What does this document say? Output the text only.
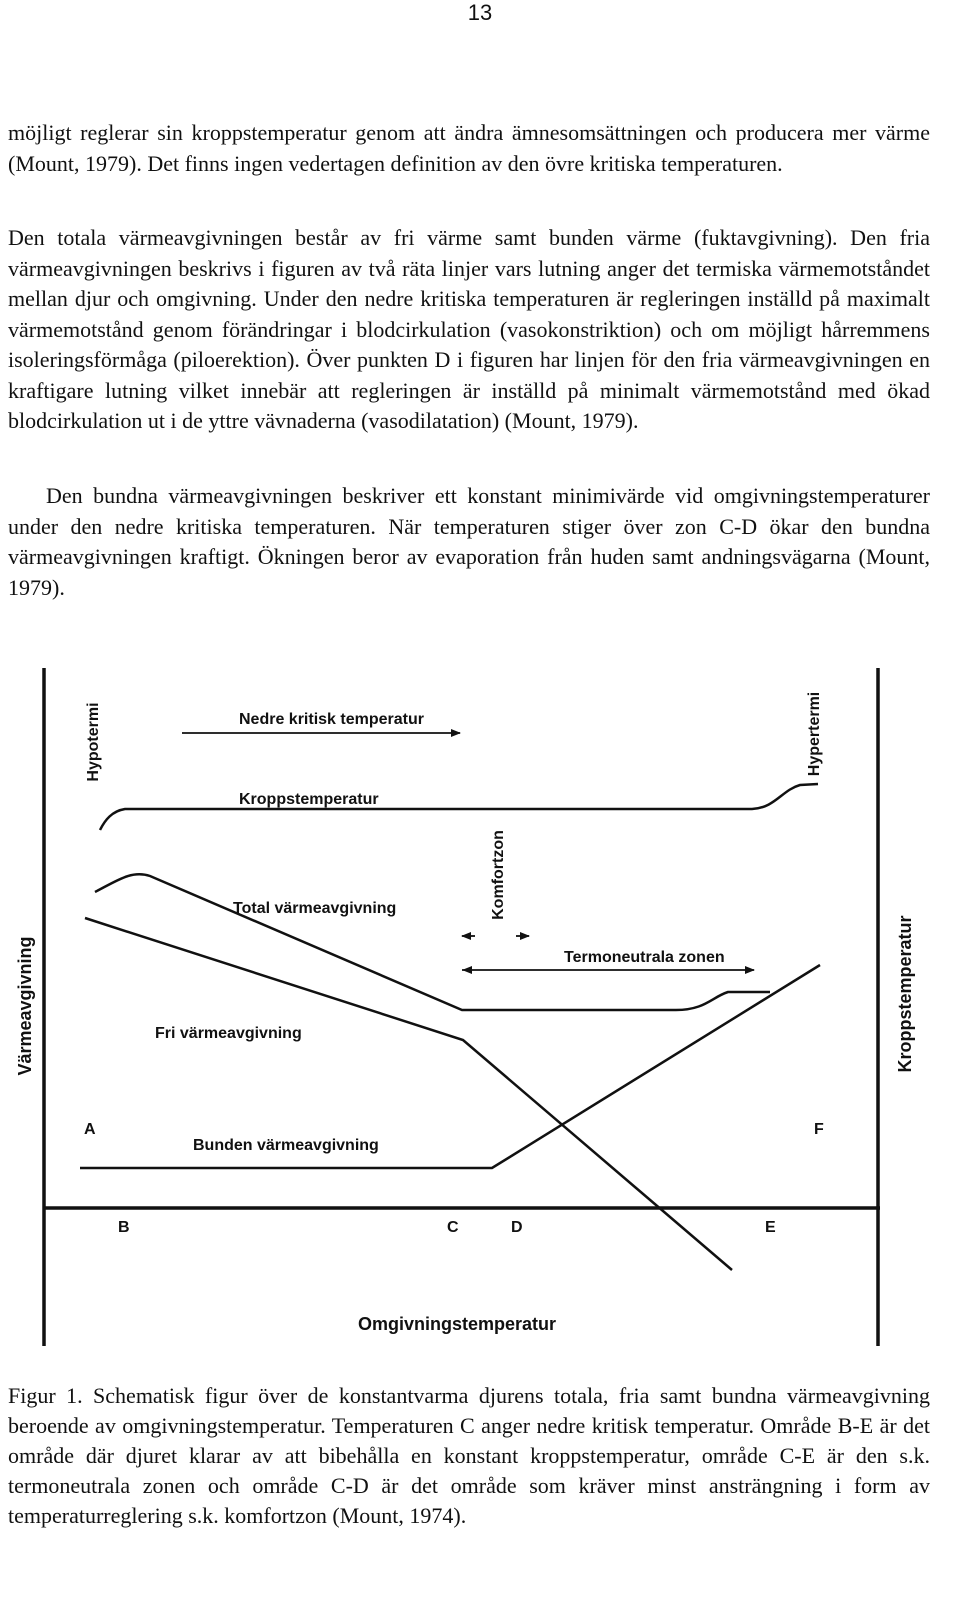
13

möjligt reglerar sin kroppstemperatur genom att ändra ämnesomsättningen och producera mer värme (Mount, 1979). Det finns ingen vedertagen definition av den övre kritiska temperaturen.

Den totala värmeavgivningen består av fri värme samt bunden värme (fuktavgivning). Den fria värmeavgivningen beskrivs i figuren av två räta linjer vars lutning anger det termiska värmemotståndet mellan djur och omgivning. Under den nedre kritiska temperaturen är regleringen inställd på maximalt värmemotstånd genom förändringar i blodcirkulation (vasokonstriktion) och om möjligt hårremmens isoleringsförmåga (piloerektion). Över punkten D i figuren har linjen för den fria värmeavgivningen en kraftigare lutning vilket innebär att regleringen är inställd på minimalt värmemotstånd med ökad blodcirkulation ut i de yttre vävnaderna (vasodilatation) (Mount, 1979).

Den bundna värmeavgivningen beskriver ett konstant minimivärde vid omgivningstemperaturer under den nedre kritiska temperaturen. När temperaturen stiger över zon C-D ökar den bundna värmeavgivningen kraftigt. Ökningen beror av evaporation från huden samt andningsvägarna (Mount, 1979).

Hypotermi	Hypertermi
Nedre kritisk temperatur
Kroppstemperatur
Komfortzon
Total värmeavgivning
Termoneutrala zonen
Fri värmeavgivning
Bunden värmeavgivning
Värmeavgivning	Kroppstemperatur
Omgivningstemperatur
A
B	C	D	E
F

Figur 1. Schematisk figur över de konstantvarma djurens totala, fria samt bundna värmeavgivning beroende av omgivningstemperatur. Temperaturen C anger nedre kritisk temperatur. Område B-E är det område där djuret klarar av att bibehålla en konstant kroppstemperatur, område C-E är den s.k. termoneutrala zonen och område C-D är det område som kräver minst ansträngning i form av temperaturreglering s.k. komfortzon (Mount, 1974).
